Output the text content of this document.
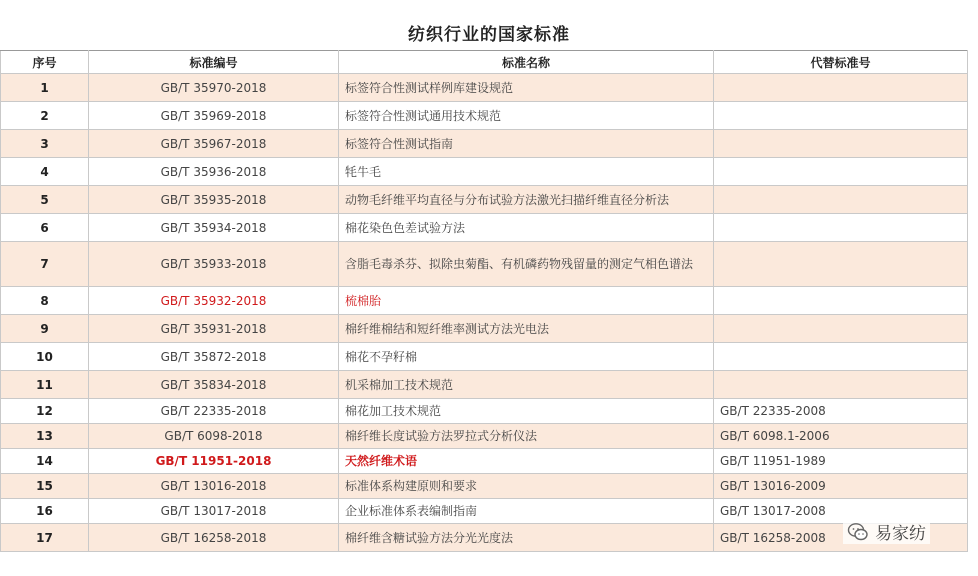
纺织行业的国家标准
序号	标准编号	标准名称	代替标准号
1	GB/T 35970-2018	标签符合性测试样例库建设规范	
2	GB/T 35969-2018	标签符合性测试通用技术规范	
3	GB/T 35967-2018	标签符合性测试指南	
4	GB/T 35936-2018	牦牛毛	
5	GB/T 35935-2018	动物毛纤维平均直径与分布试验方法激光扫描纤维直径分析法	
6	GB/T 35934-2018	棉花染色色差试验方法	
7	GB/T 35933-2018	含脂毛毒杀芬、拟除虫菊酯、有机磷药物残留量的测定气相色谱法	
8	GB/T 35932-2018	梳棉胎	
9	GB/T 35931-2018	棉纤维棉结和短纤维率测试方法光电法	
10	GB/T 35872-2018	棉花不孕籽棉	
11	GB/T 35834-2018	机采棉加工技术规范	
12	GB/T 22335-2018	棉花加工技术规范	GB/T 22335-2008
13	GB/T 6098-2018	棉纤维长度试验方法罗拉式分析仪法	GB/T 6098.1-2006
14	GB/T 11951-2018	天然纤维术语	GB/T 11951-1989
15	GB/T 13016-2018	标准体系构建原则和要求	GB/T 13016-2009
16	GB/T 13017-2018	企业标准体系表编制指南	GB/T 13017-2008
17	GB/T 16258-2018	棉纤维含糖试验方法分光光度法	GB/T 16258-2008	易家纺
